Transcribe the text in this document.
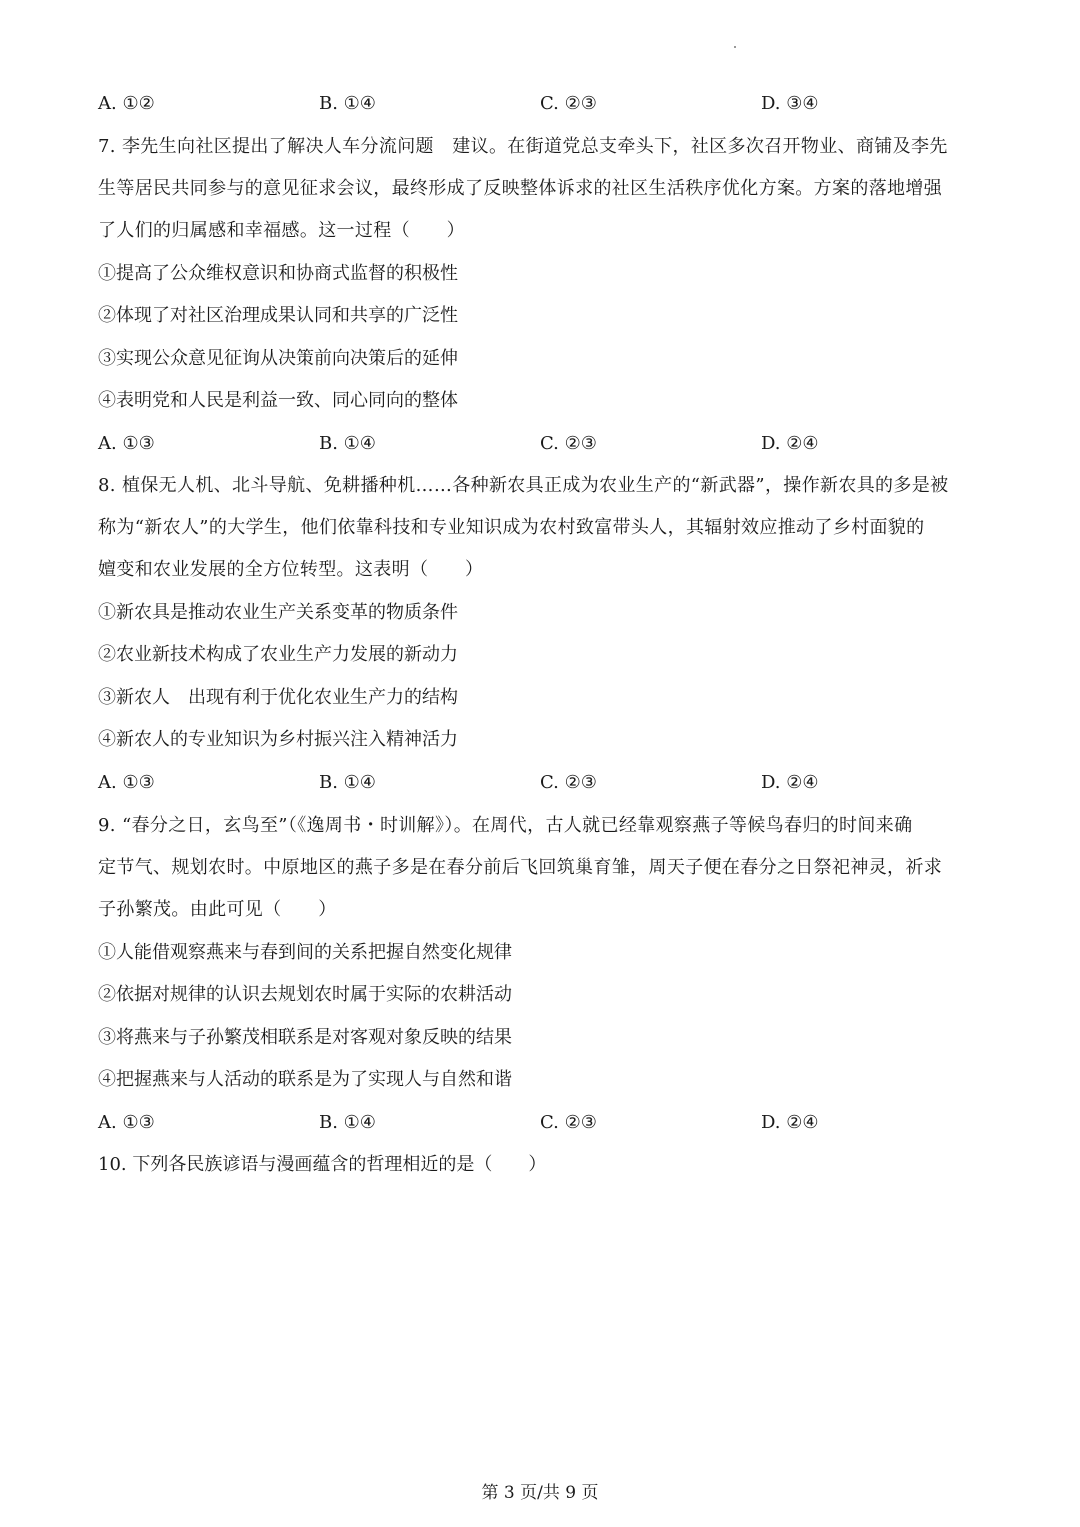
A. ①②	B. ①④	C. ②③	D. ③④
7. 李先生向社区提出了解决人车分流问题　建议。在街道党总支牵头下，社区多次召开物业、商铺及李先
生等居民共同参与的意见征求会议，最终形成了反映整体诉求的社区生活秩序优化方案。方案的落地增强
了人们的归属感和幸福感。这一过程（　　）
①提高了公众维权意识和协商式监督的积极性
②体现了对社区治理成果认同和共享的广泛性
③实现公众意见征询从决策前向决策后的延伸
④表明党和人民是利益一致、同心同向的整体
A. ①③	B. ①④	C. ②③	D. ②④
8. 植保无人机、北斗导航、免耕播种机……各种新农具正成为农业生产的“新武器”，操作新农具的多是被
称为“新农人”的大学生，他们依靠科技和专业知识成为农村致富带头人，其辐射效应推动了乡村面貌的
嬗变和农业发展的全方位转型。这表明（　　）
①新农具是推动农业生产关系变革的物质条件
②农业新技术构成了农业生产力发展的新动力
③新农人　出现有利于优化农业生产力的结构
④新农人的专业知识为乡村振兴注入精神活力
A. ①③	B. ①④	C. ②③	D. ②④
9. “春分之日，玄鸟至”（《逸周书・时训解》）。在周代，古人就已经靠观察燕子等候鸟春归的时间来确
定节气、规划农时。中原地区的燕子多是在春分前后飞回筑巢育雏，周天子便在春分之日祭祀神灵，祈求
子孙繁茂。由此可见（　　）
①人能借观察燕来与春到间的关系把握自然变化规律
②依据对规律的认识去规划农时属于实际的农耕活动
③将燕来与子孙繁茂相联系是对客观对象反映的结果
④把握燕来与人活动的联系是为了实现人与自然和谐
A. ①③	B. ①④	C. ②③	D. ②④
10. 下列各民族谚语与漫画蕴含的哲理相近的是（　　）
第 3 页/共 9 页
